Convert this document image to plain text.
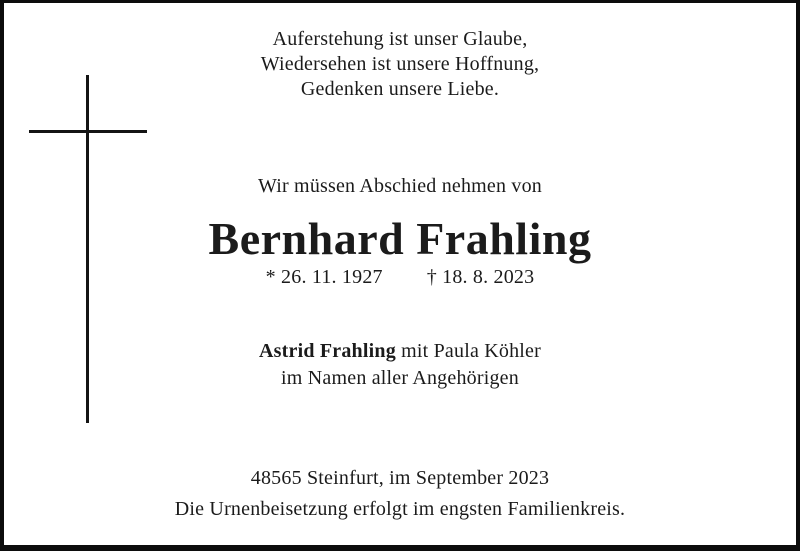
Auferstehung ist unser Glaube,
Wiedersehen ist unsere Hoffnung,
Gedenken unsere Liebe.
Wir müssen Abschied nehmen von
Bernhard Frahling
* 26. 11. 1927 † 18. 8. 2023
Astrid Frahling mit Paula Köhler
im Namen aller Angehörigen
48565 Steinfurt, im September 2023
Die Urnenbeisetzung erfolgt im engsten Familienkreis.
